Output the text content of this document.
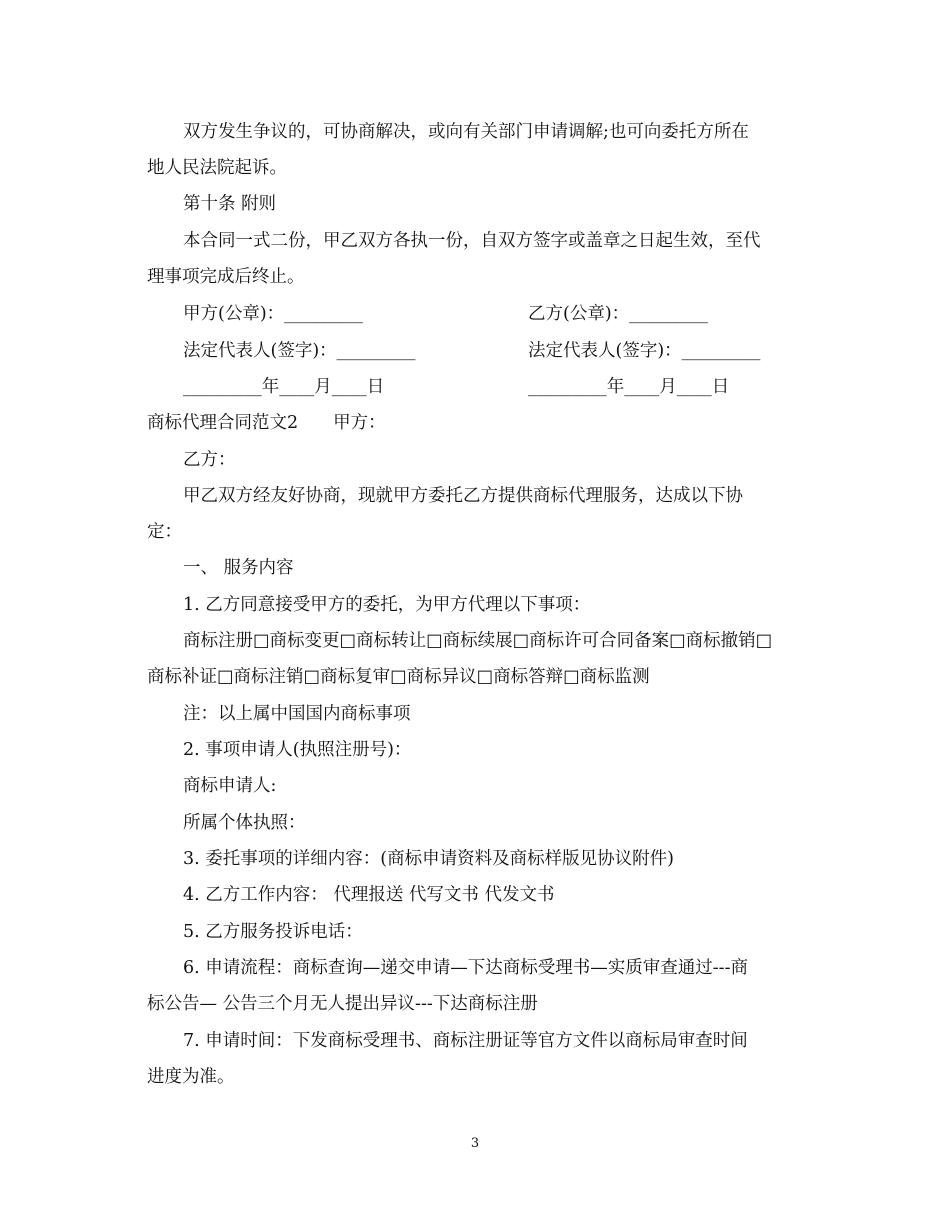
双方发生争议的，可协商解决，或向有关部门申请调解;也可向委托方所在
地人民法院起诉。
第十条 附则
本合同一式二份，甲乙双方各执一份，自双方签字或盖章之日起生效，至代
理事项完成后终止。
甲方(公章)：_________	乙方(公章)：_________
法定代表人(签字)：_________	法定代表人(签字)：_________
_________年____月____日	_________年____月____日
商标代理合同范文2　　甲方：
乙方：
甲乙双方经友好协商，现就甲方委托乙方提供商标代理服务，达成以下协
定：
一、 服务内容
1. 乙方同意接受甲方的委托，为甲方代理以下事项：
商标注册□商标变更□商标转让□商标续展□商标许可合同备案□商标撤销□
商标补证□商标注销□商标复审□商标异议□商标答辩□商标监测
注：以上属中国国内商标事项
2. 事项申请人(执照注册号)：
商标申请人:
所属个体执照：
3. 委托事项的详细内容：(商标申请资料及商标样版见协议附件)
4. 乙方工作内容： 代理报送 代写文书 代发文书
5. 乙方服务投诉电话：
6. 申请流程：商标查询—递交申请—下达商标受理书—实质审查通过---商
标公告— 公告三个月无人提出异议---下达商标注册
7. 申请时间：下发商标受理书、商标注册证等官方文件以商标局审查时间
进度为准。
3
